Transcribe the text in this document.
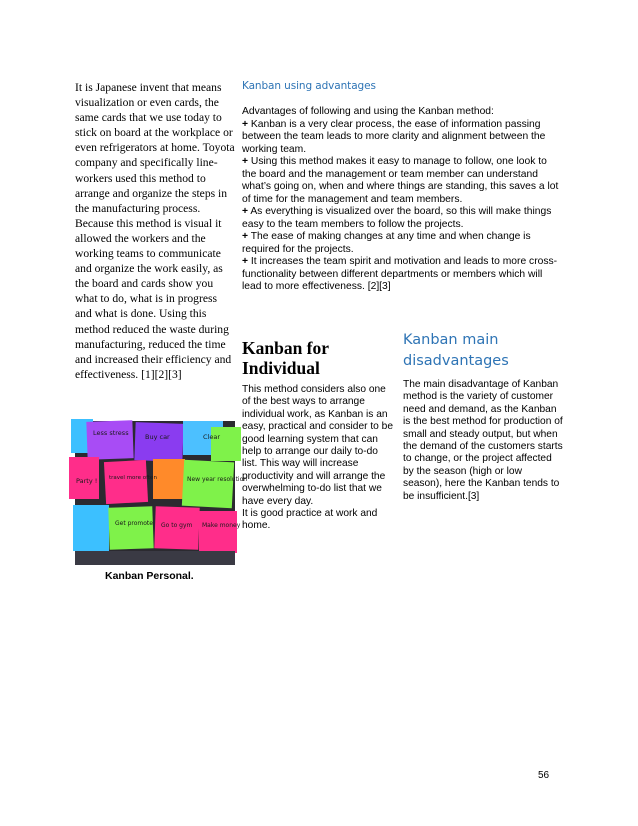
It is Japanese invent that means visualization or even cards, the same cards that we use today to stick on board at the workplace or even refrigerators at home. Toyota company and specifically line-workers used this method to arrange and organize the steps in the manufacturing process. Because this method is visual it allowed the workers and the working teams to communicate and organize the work easily, as the board and cards show you what to do, what is in progress and what is done. Using this method reduced the waste during manufacturing, reduced the time and increased their efficiency and effectiveness. [1][2][3]

Less stress	Buy car	Clear
Party ! travel more often	New year resolution
Get promote Go to gym Make money

Kanban Personal.

Kanban using advantages

Advantages of following and using the Kanban method:

+ Kanban is a very clear process, the ease of information passing between the team leads to more clarity and alignment between the working team.
+ Using this method makes it easy to manage to follow, one look to the board and the management or team member can understand what’s going on, when and where things are standing, this saves a lot of time for the management and team members.
+ As everything is visualized over the board, so this will make things easy to the team members to follow the projects.
+ The ease of making changes at any time and when change is required for the projects.
+ It increases the team spirit and motivation and leads to more cross-functionality between different departments or members which will lead to more effectiveness. [2][3]
Kanban for Individual

This method considers also one of the best ways to arrange individual work, as Kanban is an easy, practical and consider to be good learning system that can help to arrange our daily to-do list. This way will increase productivity and will arrange the overwhelming to-do list that we have every day.

It is good practice at work and home.

Kanban main disadvantages

The main disadvantage of Kanban method is the variety of customer need and demand, as the Kanban is the best method for production of small and steady output, but when the demand of the customers starts to change, or the project affected by the season (high or low season), here the Kanban tends to be insufficient.[3]

56
